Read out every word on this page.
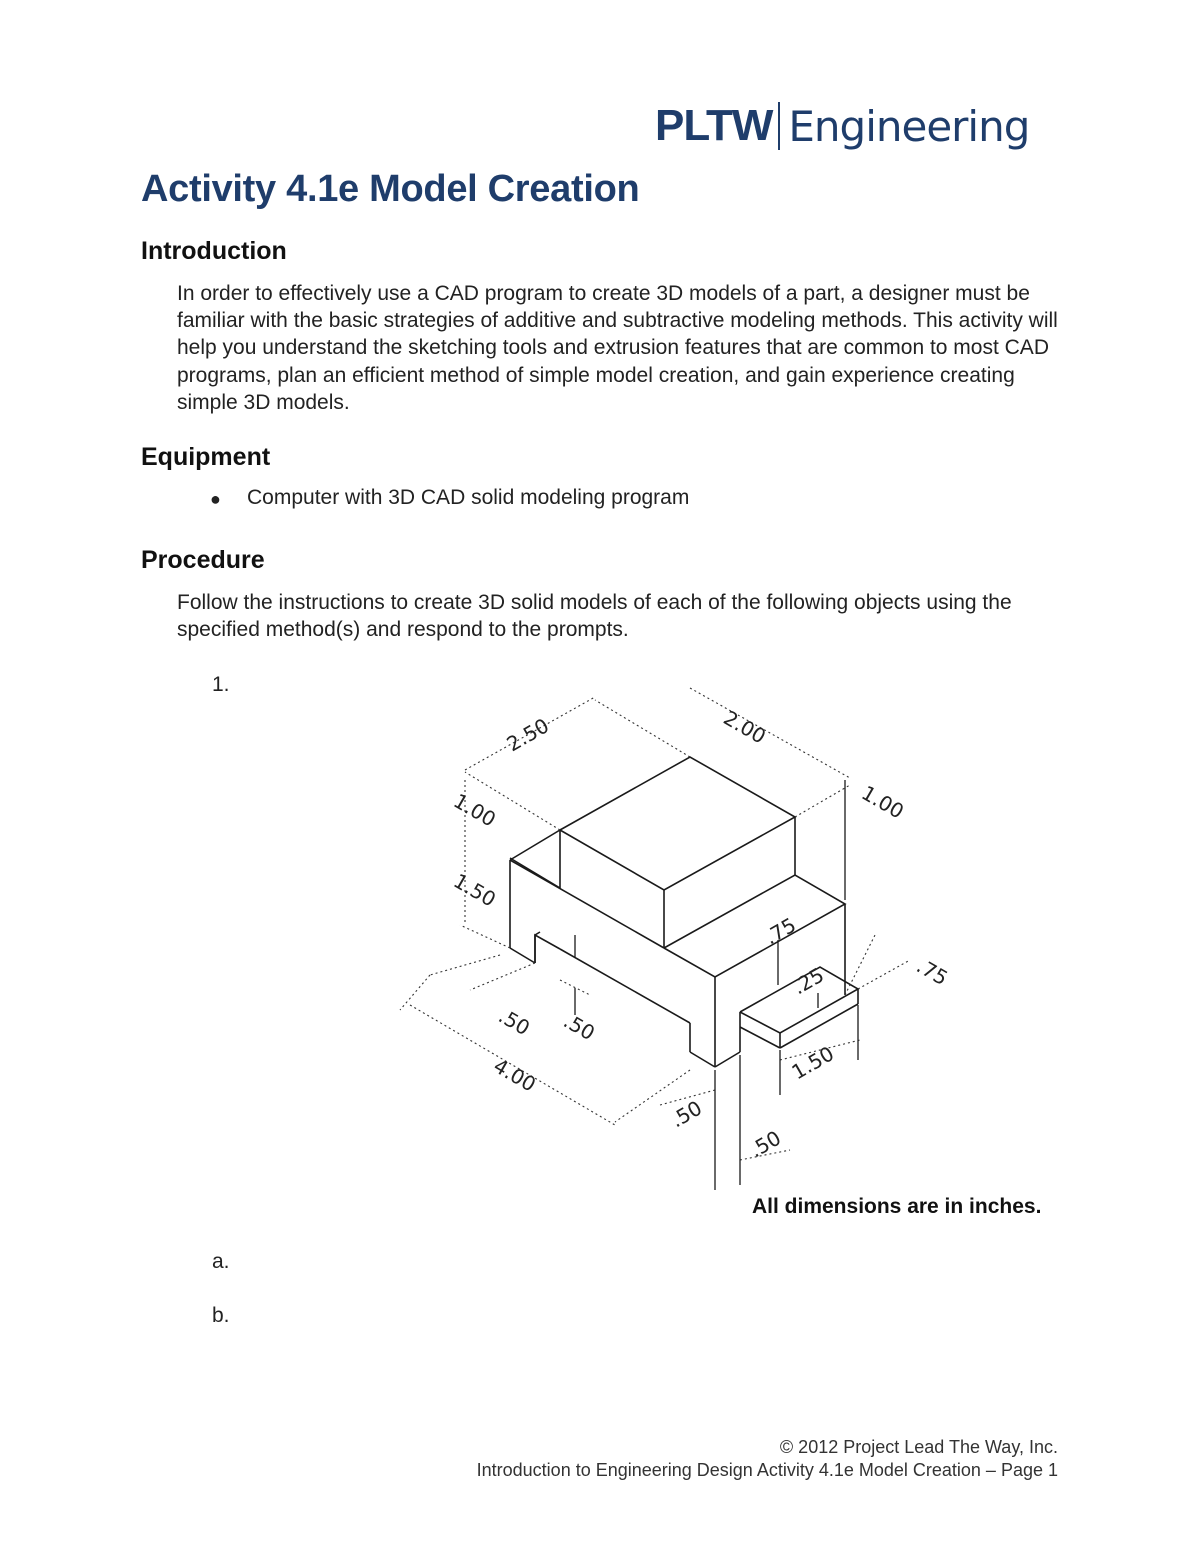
PLTW Engineering
Activity 4.1e Model Creation
Introduction

In order to effectively use a CAD program to create 3D models of a part, a designer must be familiar with the basic strategies of additive and subtractive modeling methods. This activity will help you understand the sketching tools and extrusion features that are common to most CAD programs, plan an efficient method of simple model creation, and gain experience creating simple 3D models.

Equipment
●	Computer with 3D CAD solid modeling program
Procedure

Follow the instructions to create 3D solid models of each of the following objects using the specified method(s) and respond to the prompts.

1.
2.50	2.00
1.00	1.00
1.50
.75
.75
.25
.50 .50
4.00
.50
1.50
.50
All dimensions are in inches.
a.
b.
© 2012 Project Lead The Way, Inc.
Introduction to Engineering Design Activity 4.1e Model Creation – Page 1
